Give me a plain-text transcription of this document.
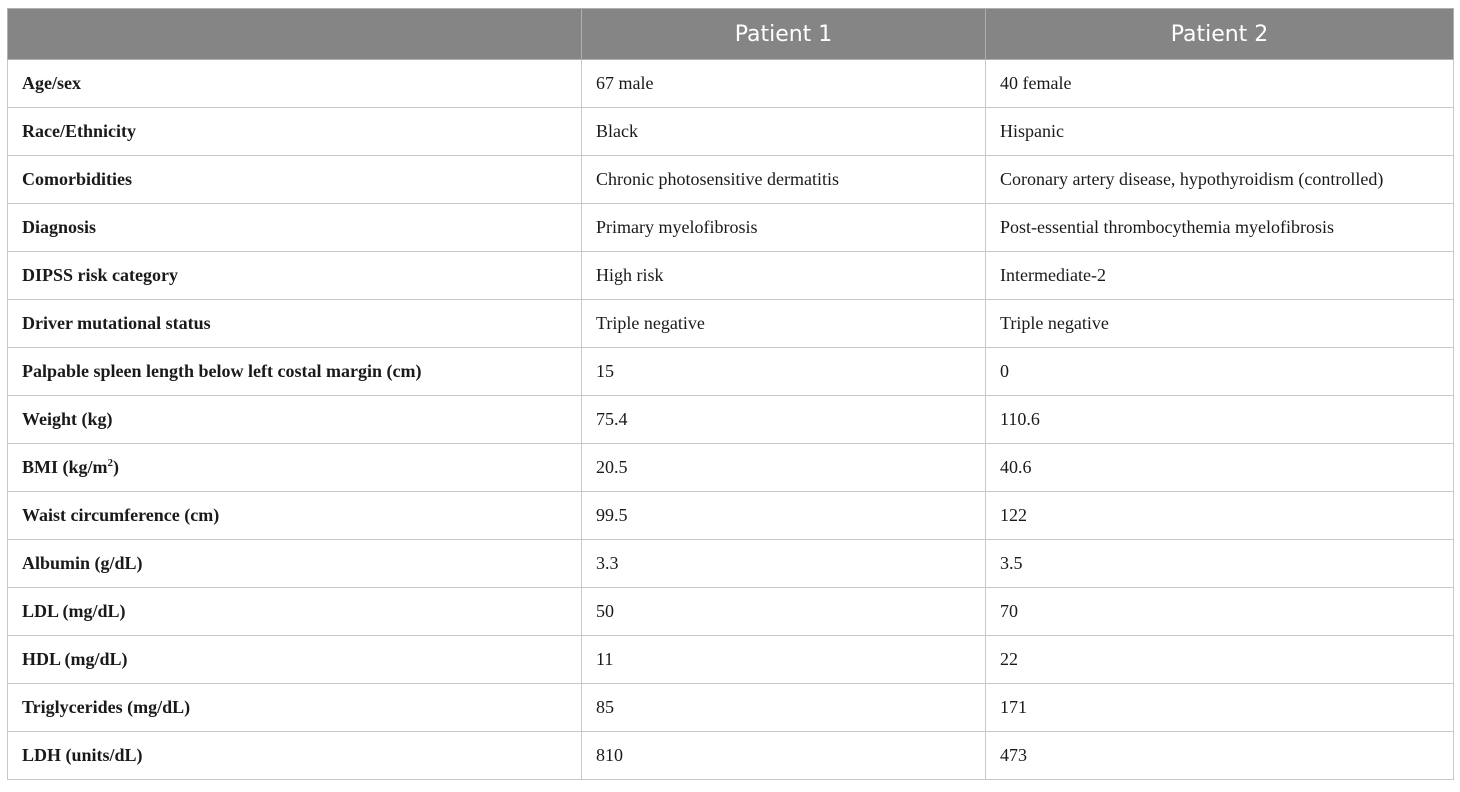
	Patient 1	Patient 2
Age/sex	67 male	40 female
Race/Ethnicity	Black	Hispanic
Comorbidities	Chronic photosensitive dermatitis	Coronary artery disease, hypothyroidism (controlled)
Diagnosis	Primary myelofibrosis	Post-essential thrombocythemia myelofibrosis
DIPSS risk category	High risk	Intermediate-2
Driver mutational status	Triple negative	Triple negative
Palpable spleen length below left costal margin (cm)	15	0
Weight (kg)	75.4	110.6
BMI $(kg/m^2)$	20.5	40.6
Waist circumference (cm)	99.5	122
Albumin (g/dL)	3.3	3.5
LDL (mg/dL)	50	70
HDL (mg/dL)	11	22
Triglycerides (mg/dL)	85	171
LDH (units/dL)	810	473
